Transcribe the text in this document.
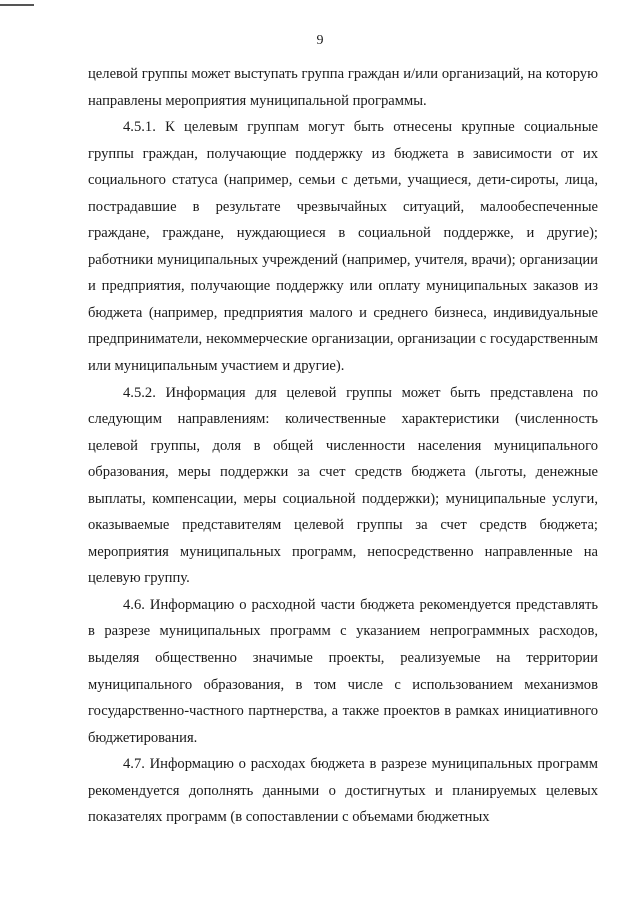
9

целевой группы может выступать группа граждан и/или организаций, на которую направлены мероприятия муниципальной программы.

4.5.1. К целевым группам могут быть отнесены крупные социальные группы граждан, получающие поддержку из бюджета в зависимости от их социального статуса (например, семьи с детьми, учащиеся, дети-сироты, лица, пострадавшие в результате чрезвычайных ситуаций, малообеспеченные граждане, граждане, нуждающиеся в социальной поддержке, и другие); работники муниципальных учреждений (например, учителя, врачи); организации и предприятия, получающие поддержку или оплату муниципальных заказов из бюджета (например, предприятия малого и среднего бизнеса, индивидуальные предприниматели, некоммерческие организации, организации с государственным или муниципальным участием и другие).

4.5.2. Информация для целевой группы может быть представлена по следующим направлениям: количественные характеристики (численность целевой группы, доля в общей численности населения муниципального образования, меры поддержки за счет средств бюджета (льготы, денежные выплаты, компенсации, меры социальной поддержки); муниципальные услуги, оказываемые представителям целевой группы за счет средств бюджета; мероприятия муниципальных программ, непосредственно направленные на целевую группу.

4.6. Информацию о расходной части бюджета рекомендуется представлять в разрезе муниципальных программ с указанием непрограммных расходов, выделяя общественно значимые проекты, реализуемые на территории муниципального образования, в том числе с использованием механизмов государственно-частного партнерства, а также проектов в рамках инициативного бюджетирования.

4.7. Информацию о расходах бюджета в разрезе муниципальных программ рекомендуется дополнять данными о достигнутых и планируемых целевых показателях программ (в сопоставлении с объемами бюджетных
